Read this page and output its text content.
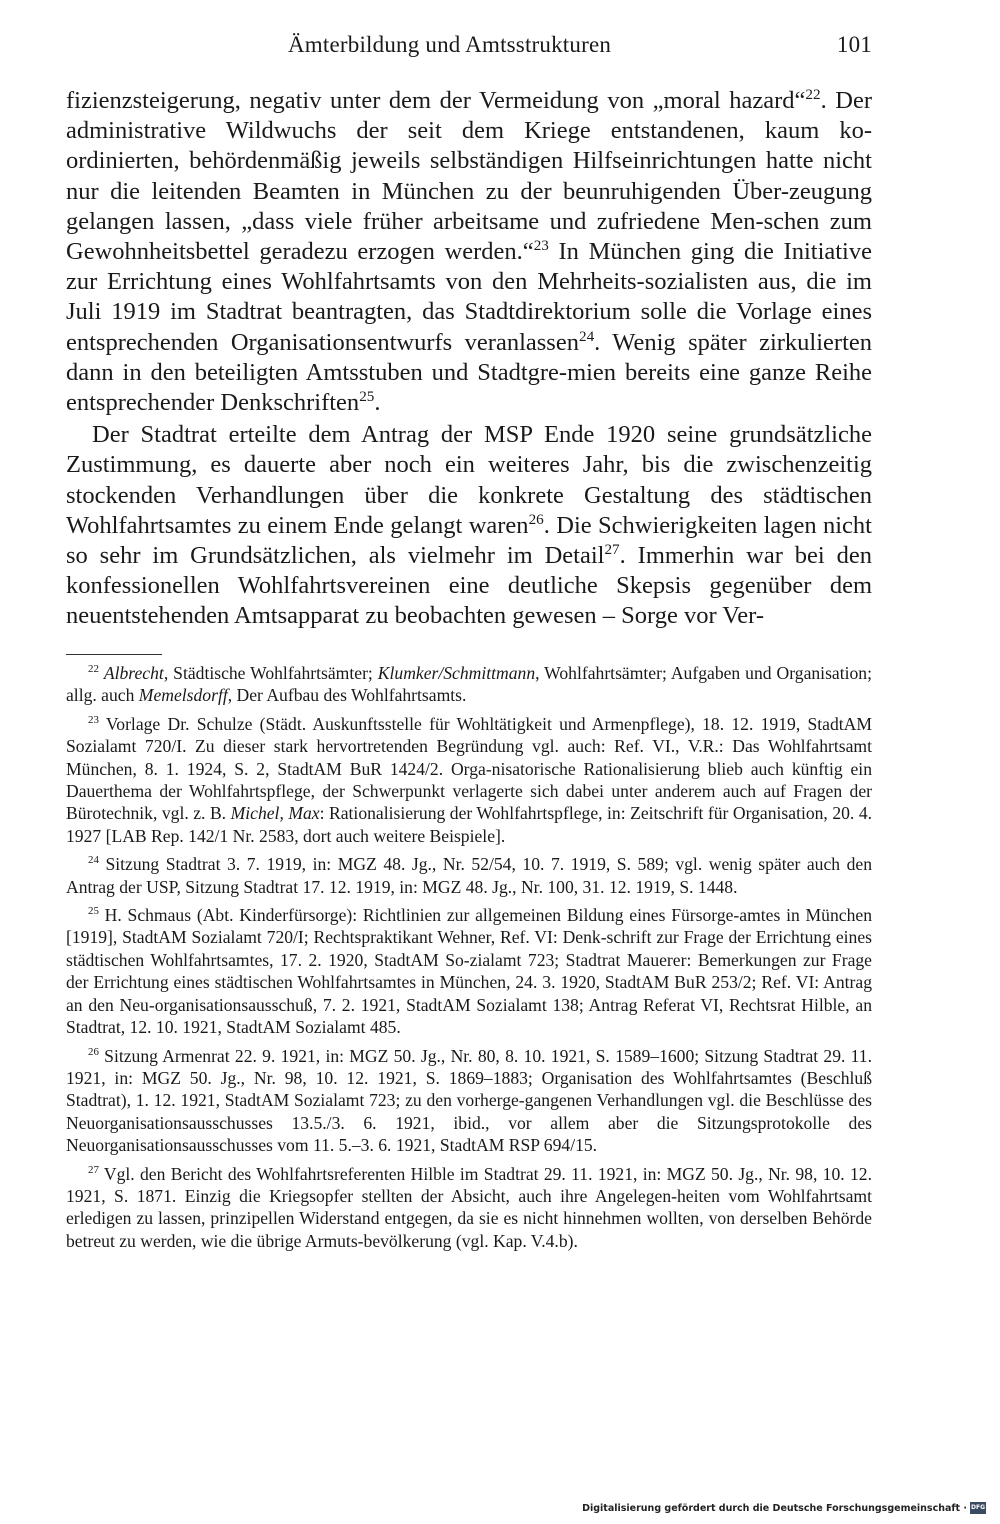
Ämterbildung und Amtsstrukturen	101

fizienzsteigerung, negativ unter dem der Vermeidung von „moral hazard“$^{22}$. Der administrative Wildwuchs der seit dem Kriege entstandenen, kaum ko-ordinierten, behördenmäßig jeweils selbständigen Hilfseinrichtungen hatte nicht nur die leitenden Beamten in München zu der beunruhigenden Über-zeugung gelangen lassen, „dass viele früher arbeitsame und zufriedene Men-schen zum Gewohnheitsbettel geradezu erzogen werden.“$^{23}$ In München ging die Initiative zur Errichtung eines Wohlfahrtsamts von den Mehrheits-sozialisten aus, die im Juli 1919 im Stadtrat beantragten, das Stadtdirektorium solle die Vorlage eines entsprechenden Organisationsentwurfs veranlassen$^{24}$. Wenig später zirkulierten dann in den beteiligten Amtsstuben und Stadtgre-mien bereits eine ganze Reihe entsprechender Denkschriften$^{25}$.

Der Stadtrat erteilte dem Antrag der MSP Ende 1920 seine grundsätzliche Zustimmung, es dauerte aber noch ein weiteres Jahr, bis die zwischenzeitig stockenden Verhandlungen über die konkrete Gestaltung des städtischen Wohlfahrtsamtes zu einem Ende gelangt waren$^{26}$. Die Schwierigkeiten lagen nicht so sehr im Grundsätzlichen, als vielmehr im Detail$^{27}$. Immerhin war bei den konfessionellen Wohlfahrtsvereinen eine deutliche Skepsis gegenüber dem neuentstehenden Amtsapparat zu beobachten gewesen – Sorge vor Ver-

$^{22}$ Albrecht, Städtische Wohlfahrtsämter; Klumker/Schmittmann, Wohlfahrtsämter; Aufgaben und Organisation; allg. auch Memelsdorff, Der Aufbau des Wohlfahrtsamts.

$^{23}$ Vorlage Dr. Schulze (Städt. Auskunftsstelle für Wohltätigkeit und Armenpflege), 18. 12. 1919, StadtAM Sozialamt 720/I. Zu dieser stark hervortretenden Begründung vgl. auch: Ref. VI., V.R.: Das Wohlfahrtsamt München, 8. 1. 1924, S. 2, StadtAM BuR 1424/2. Orga-nisatorische Rationalisierung blieb auch künftig ein Dauerthema der Wohlfahrtspflege, der Schwerpunkt verlagerte sich dabei unter anderem auch auf Fragen der Bürotechnik, vgl. z. B. Michel, Max: Rationalisierung der Wohlfahrtspflege, in: Zeitschrift für Organisation, 20. 4. 1927 [LAB Rep. 142/1 Nr. 2583, dort auch weitere Beispiele].

$^{24}$ Sitzung Stadtrat 3. 7. 1919, in: MGZ 48. Jg., Nr. 52/54, 10. 7. 1919, S. 589; vgl. wenig später auch den Antrag der USP, Sitzung Stadtrat 17. 12. 1919, in: MGZ 48. Jg., Nr. 100, 31. 12. 1919, S. 1448.

$^{25}$ H. Schmaus (Abt. Kinderfürsorge): Richtlinien zur allgemeinen Bildung eines Fürsorge-amtes in München [1919], StadtAM Sozialamt 720/I; Rechtspraktikant Wehner, Ref. VI: Denk-schrift zur Frage der Errichtung eines städtischen Wohlfahrtsamtes, 17. 2. 1920, StadtAM So-zialamt 723; Stadtrat Mauerer: Bemerkungen zur Frage der Errichtung eines städtischen Wohlfahrtsamtes in München, 24. 3. 1920, StadtAM BuR 253/2; Ref. VI: Antrag an den Neu-organisationsausschuß, 7. 2. 1921, StadtAM Sozialamt 138; Antrag Referat VI, Rechtsrat Hilble, an Stadtrat, 12. 10. 1921, StadtAM Sozialamt 485.

$^{26}$ Sitzung Armenrat 22. 9. 1921, in: MGZ 50. Jg., Nr. 80, 8. 10. 1921, S. 1589–1600; Sitzung Stadtrat 29. 11. 1921, in: MGZ 50. Jg., Nr. 98, 10. 12. 1921, S. 1869–1883; Organisation des Wohlfahrtsamtes (Beschluß Stadtrat), 1. 12. 1921, StadtAM Sozialamt 723; zu den vorherge-gangenen Verhandlungen vgl. die Beschlüsse des Neuorganisationsausschusses 13.5./3. 6. 1921, ibid., vor allem aber die Sitzungsprotokolle des Neuorganisationsausschusses vom 11. 5.–3. 6. 1921, StadtAM RSP 694/15.

$^{27}$ Vgl. den Bericht des Wohlfahrtsreferenten Hilble im Stadtrat 29. 11. 1921, in: MGZ 50. Jg., Nr. 98, 10. 12. 1921, S. 1871. Einzig die Kriegsopfer stellten der Absicht, auch ihre Angelegen-heiten vom Wohlfahrtsamt erledigen zu lassen, prinzipellen Widerstand entgegen, da sie es nicht hinnehmen wollten, von derselben Behörde betreut zu werden, wie die übrige Armuts-bevölkerung (vgl. Kap. V.4.b).

Digitalisierung gefördert durch die Deutsche Forschungsgemeinschaft · DFG
